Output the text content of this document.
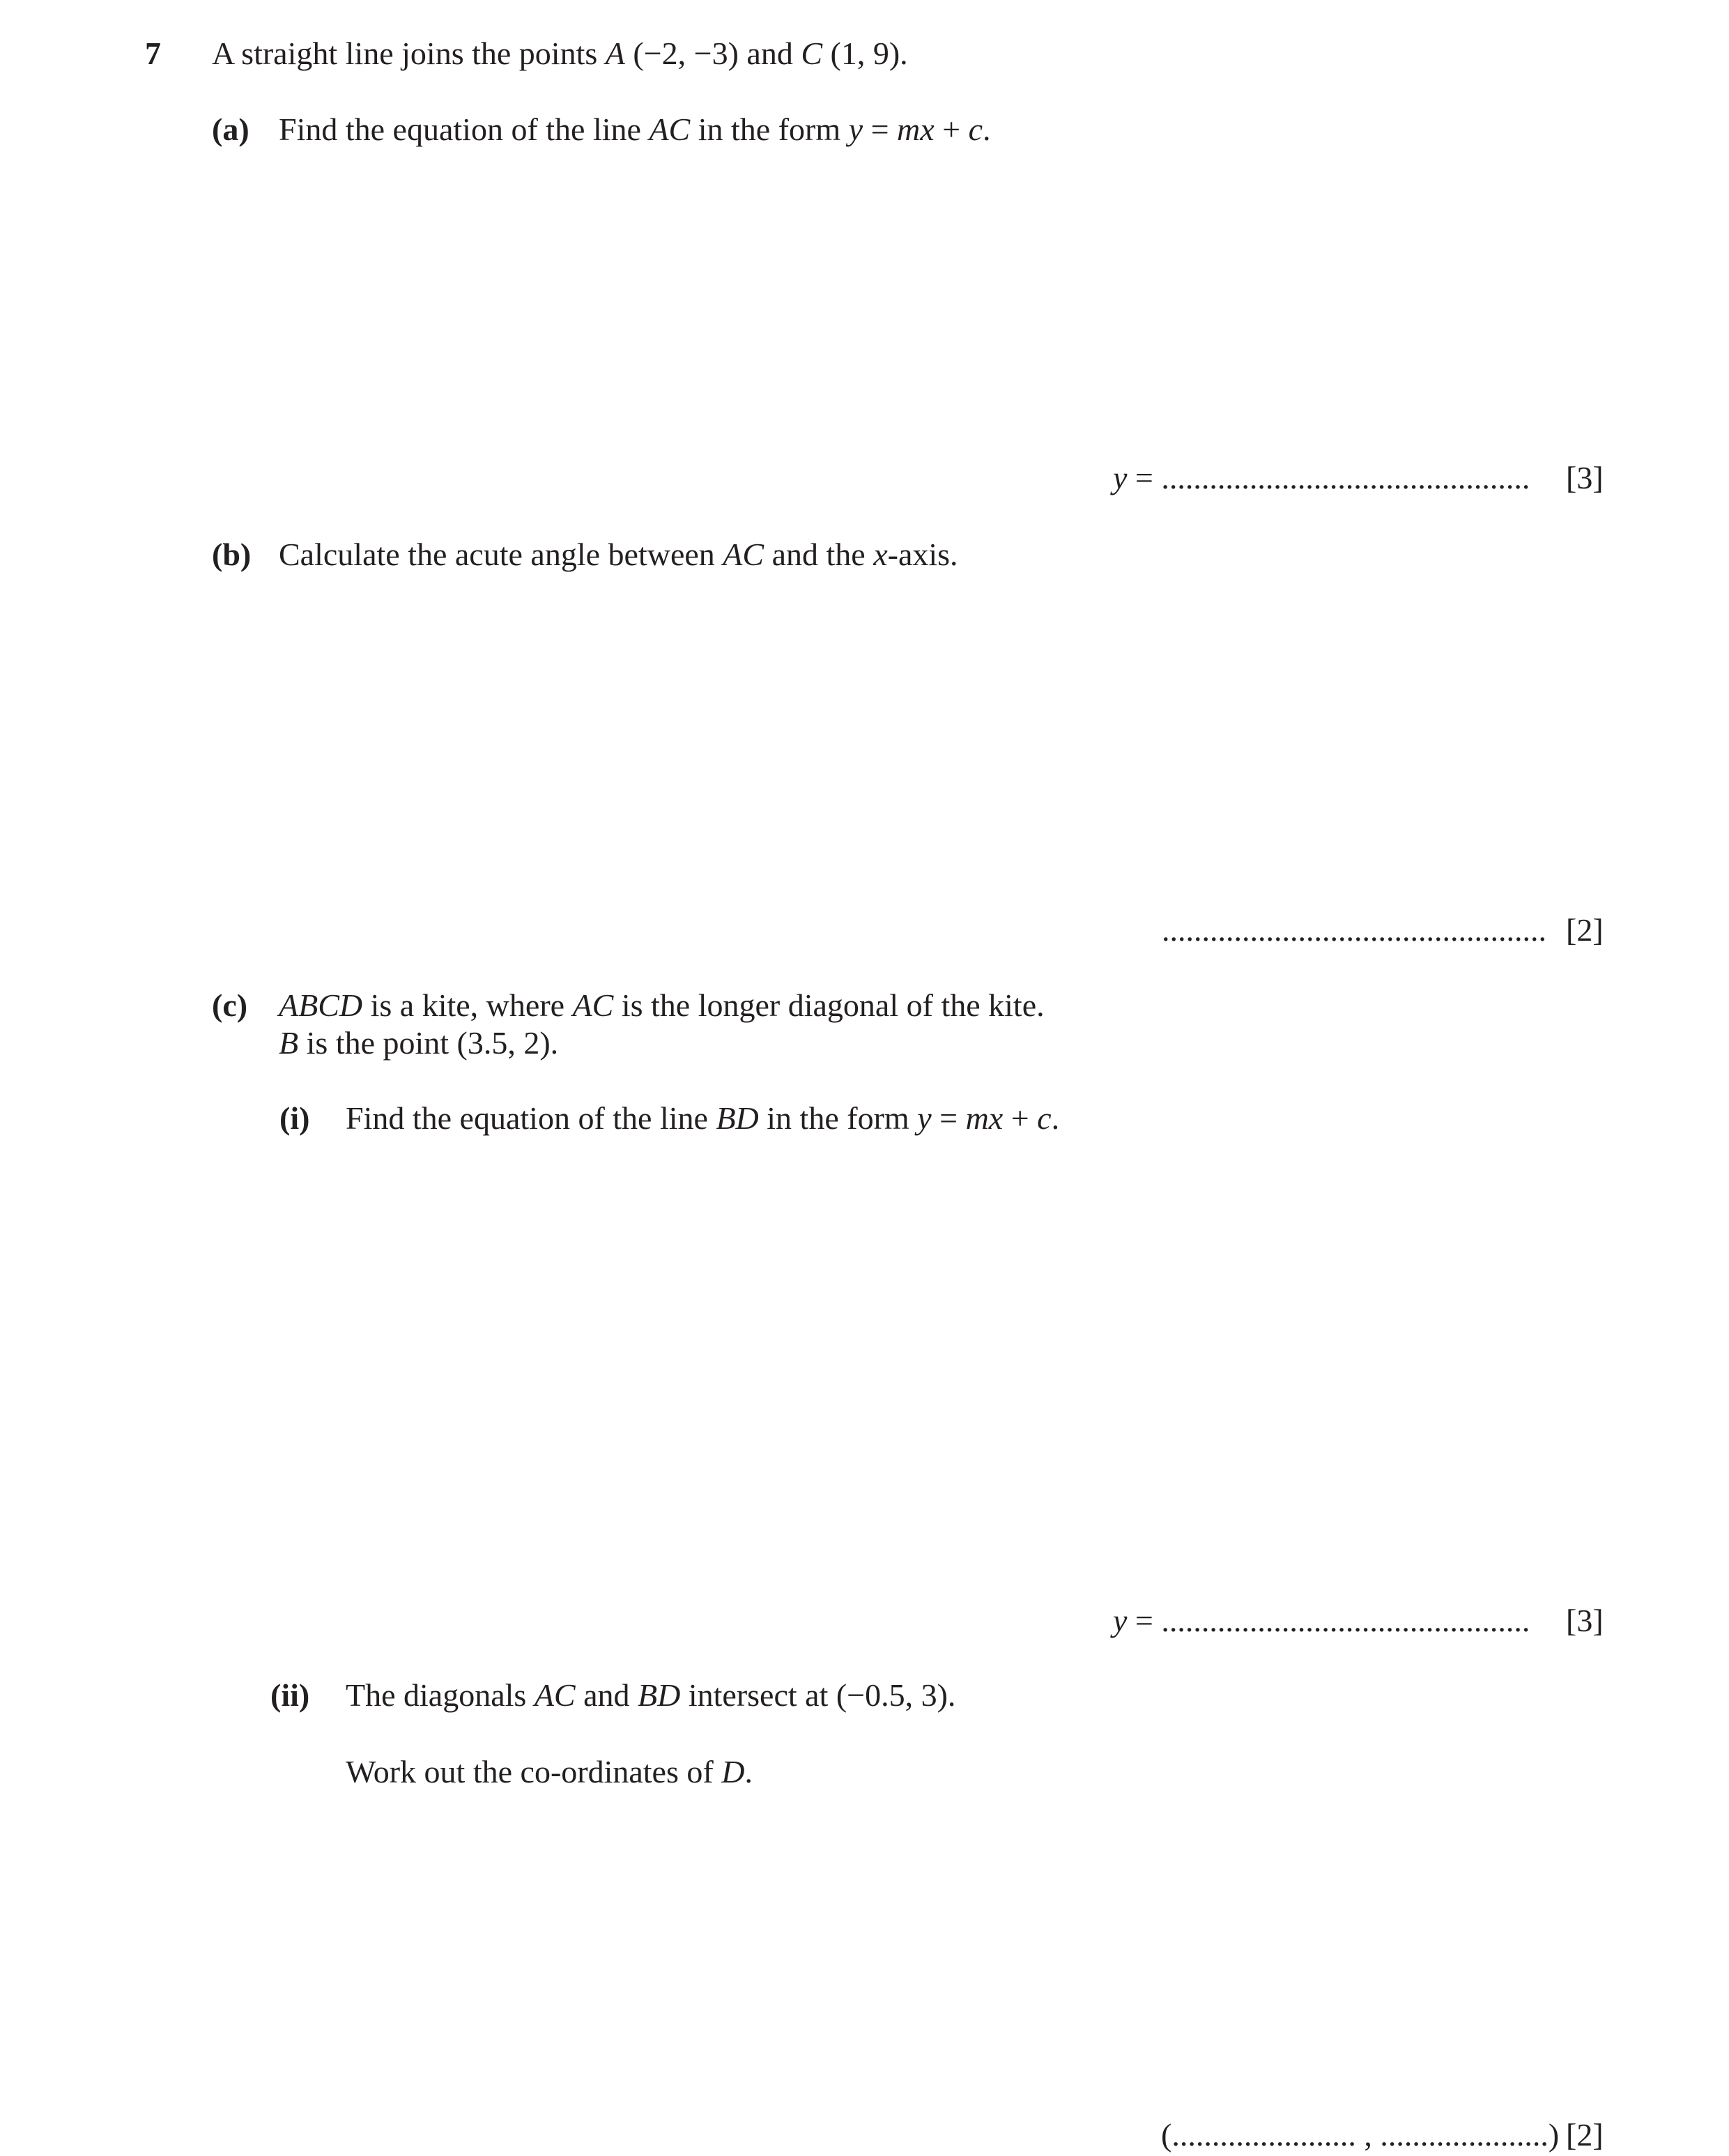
7 A straight line joins the points A (−2, −3) and C (1, 9).
(a) Find the equation of the line AC in the form y = mx + c.
y = .............................................. [3]
(b) Calculate the acute angle between AC and the x-axis.
................................................ [2]
(c) ABCD is a kite, where AC is the longer diagonal of the kite.
B is the point (3.5, 2).
(i) Find the equation of the line BD in the form y = mx + c.
y = .............................................. [3]
(ii) The diagonals AC and BD intersect at (−0.5, 3).
Work out the co-ordinates of D.
(....................... , .....................) [2]
